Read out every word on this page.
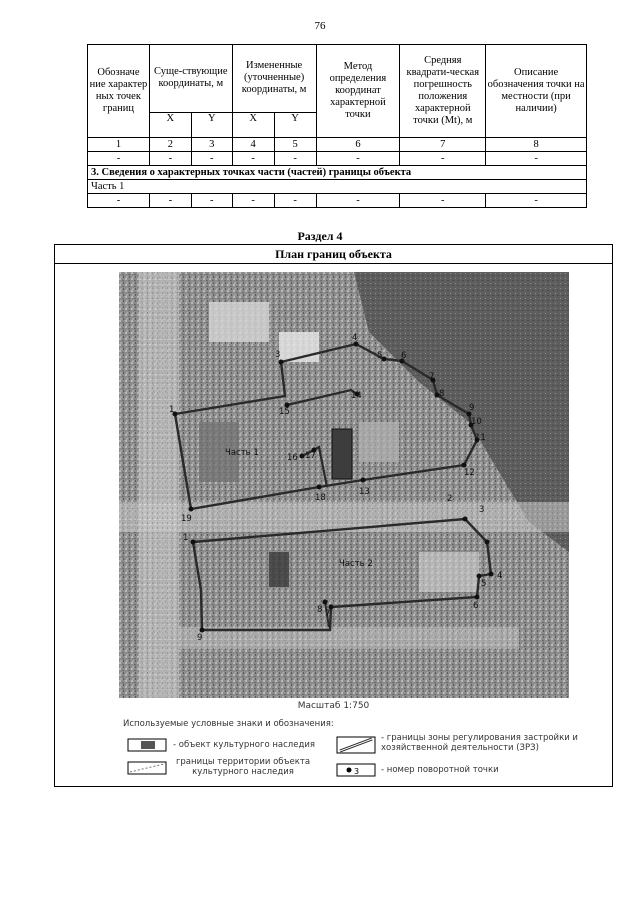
76
Обозначе ние характер ных точек границ	Суще-ствующие координаты, м		Измененные (уточненные) координаты, м		Метод определения координат характерной точки	Средняя квадрати-ческая погрешность положения характерной точки (Mt), м	Описание обозначения точки на местности (при наличии)
	X	Y	X	Y			
1	2	3	4	5	6	7	8
-	-	-	-	-	-	-	-
3. Сведения о характерных точках части (частей) границы объекта							
Часть 1							
-	-	-	-	-	-	-	-
Раздел 4
План границ объекта
Часть 1
Часть 2
1
3
4
5 6
7
8
9
10
11
12
13
14
15
16 17
18
19
1
2
3
4
5
6
7
8
9
Масштаб 1:750
Используемые условные знаки и обозначения:
- объект культурного наследия
границы территории объекта культурного наследия
- границы зоны регулирования застройки и хозяйственной деятельности (ЗРЗ)
3	- номер поворотной точки
